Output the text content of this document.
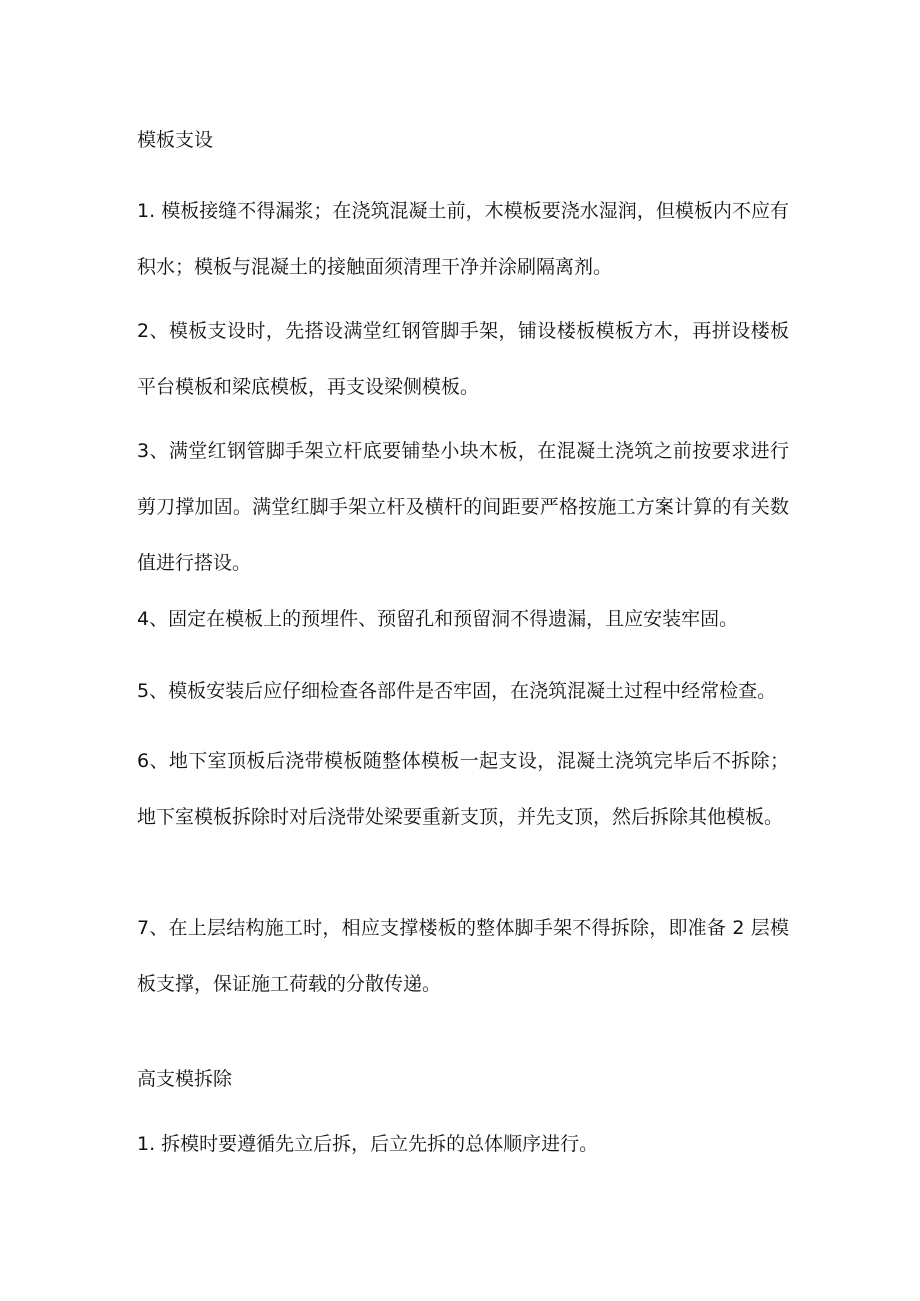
模板支设
1. 模板接缝不得漏浆；在浇筑混凝土前，木模板要浇水湿润，但模板内不应有积水；模板与混凝土的接触面须清理干净并涂刷隔离剂。
2、模板支设时，先搭设满堂红钢管脚手架，铺设楼板模板方木，再拼设楼板平台模板和梁底模板，再支设梁侧模板。
3、满堂红钢管脚手架立杆底要铺垫小块木板，在混凝土浇筑之前按要求进行剪刀撑加固。满堂红脚手架立杆及横杆的间距要严格按施工方案计算的有关数值进行搭设。
4、固定在模板上的预埋件、预留孔和预留洞不得遗漏，且应安装牢固。
5、模板安装后应仔细检查各部件是否牢固，在浇筑混凝土过程中经常检查。
6、地下室顶板后浇带模板随整体模板一起支设，混凝土浇筑完毕后不拆除；地下室模板拆除时对后浇带处梁要重新支顶，并先支顶，然后拆除其他模板。
7、在上层结构施工时，相应支撑楼板的整体脚手架不得拆除，即准备 2 层模板支撑，保证施工荷载的分散传递。
高支模拆除
1. 拆模时要遵循先立后拆，后立先拆的总体顺序进行。
